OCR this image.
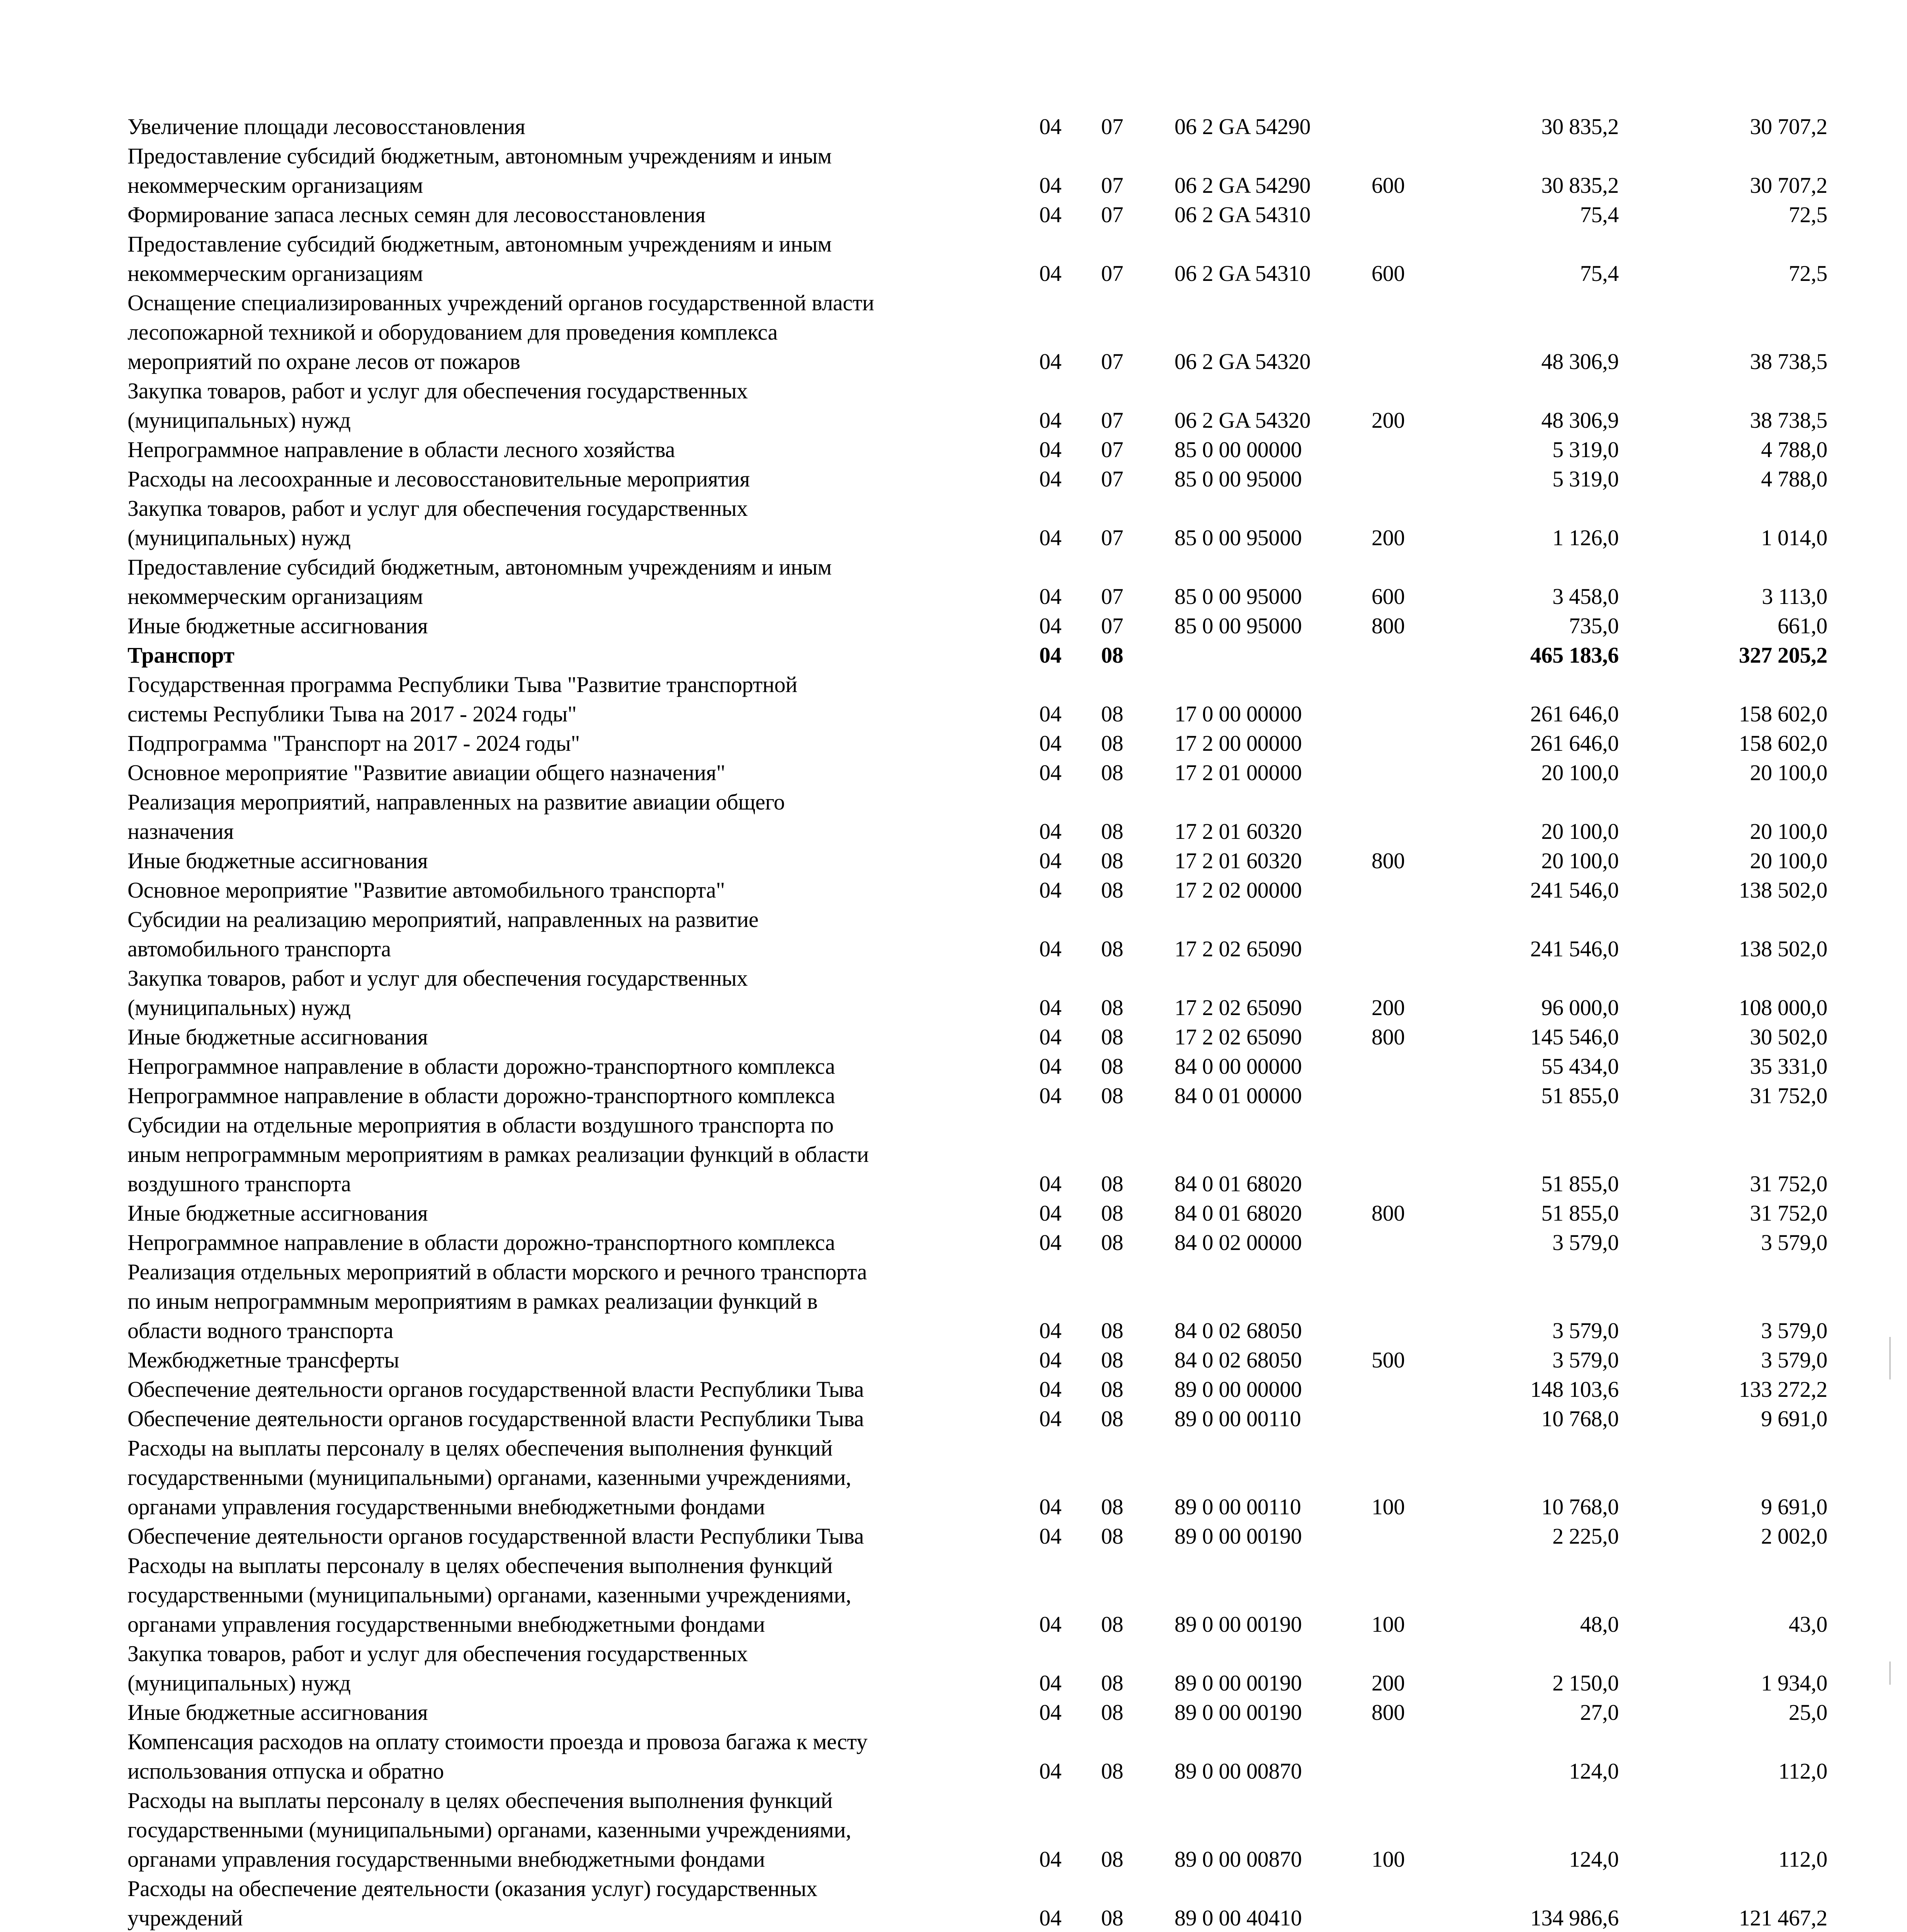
Увеличение площади лесовосстановления	04	07	06 2 GA 54290	30 835,2	30 707,2
Предоставление субсидий бюджетным, автономным учреждениям и иным
некоммерческим организациям	04	07	06 2 GA 54290	600	30 835,2	30 707,2
Формирование запаса лесных семян для лесовосстановления	04	07	06 2 GA 54310	75,4	72,5
Предоставление субсидий бюджетным, автономным учреждениям и иным
некоммерческим организациям	04	07	06 2 GA 54310	600	75,4	72,5
Оснащение специализированных учреждений органов государственной власти
лесопожарной техникой и оборудованием для проведения комплекса
мероприятий по охране лесов от пожаров	04	07	06 2 GA 54320	48 306,9	38 738,5
Закупка товаров, работ и услуг для обеспечения государственных
(муниципальных) нужд	04	07	06 2 GA 54320	200	48 306,9	38 738,5
Непрограммное направление в области лесного хозяйства	04	07	85 0 00 00000	5 319,0	4 788,0
Расходы на лесоохранные и лесовосстановительные мероприятия	04	07	85 0 00 95000	5 319,0	4 788,0
Закупка товаров, работ и услуг для обеспечения государственных
(муниципальных) нужд	04	07	85 0 00 95000	200	1 126,0	1 014,0
Предоставление субсидий бюджетным, автономным учреждениям и иным
некоммерческим организациям	04	07	85 0 00 95000	600	3 458,0	3 113,0
Иные бюджетные ассигнования	04	07	85 0 00 95000	800	735,0	661,0
Транспорт	04	08	465 183,6	327 205,2
Государственная программа Республики Тыва "Развитие транспортной
системы Республики Тыва на 2017 - 2024 годы"	04	08	17 0 00 00000	261 646,0	158 602,0
Подпрограмма "Транспорт на 2017 - 2024 годы"	04	08	17 2 00 00000	261 646,0	158 602,0
Основное мероприятие "Развитие авиации общего назначения"	04	08	17 2 01 00000	20 100,0	20 100,0
Реализация мероприятий, направленных на развитие авиации общего
назначения	04	08	17 2 01 60320	20 100,0	20 100,0
Иные бюджетные ассигнования	04	08	17 2 01 60320	800	20 100,0	20 100,0
Основное мероприятие "Развитие автомобильного транспорта"	04	08	17 2 02 00000	241 546,0	138 502,0
Субсидии на реализацию мероприятий, направленных на развитие
автомобильного транспорта	04	08	17 2 02 65090	241 546,0	138 502,0
Закупка товаров, работ и услуг для обеспечения государственных
(муниципальных) нужд	04	08	17 2 02 65090	200	96 000,0	108 000,0
Иные бюджетные ассигнования	04	08	17 2 02 65090	800	145 546,0	30 502,0
Непрограммное направление в области дорожно-транспортного комплекса	04	08	84 0 00 00000	55 434,0	35 331,0
Непрограммное направление в области дорожно-транспортного комплекса	04	08	84 0 01 00000	51 855,0	31 752,0
Субсидии на отдельные мероприятия в области воздушного транспорта по
иным непрограммным мероприятиям в рамках реализации функций в области
воздушного транспорта	04	08	84 0 01 68020	51 855,0	31 752,0
Иные бюджетные ассигнования	04	08	84 0 01 68020	800	51 855,0	31 752,0
Непрограммное направление в области дорожно-транспортного комплекса	04	08	84 0 02 00000	3 579,0	3 579,0
Реализация отдельных мероприятий в области морского и речного транспорта
по иным непрограммным мероприятиям в рамках реализации функций в
области водного транспорта	04	08	84 0 02 68050	3 579,0	3 579,0
Межбюджетные трансферты	04	08	84 0 02 68050	500	3 579,0	3 579,0
Обеспечение деятельности органов государственной власти Республики Тыва	04	08	89 0 00 00000	148 103,6	133 272,2
Обеспечение деятельности органов государственной власти Республики Тыва	04	08	89 0 00 00110	10 768,0	9 691,0
Расходы на выплаты персоналу в целях обеспечения выполнения функций
государственными (муниципальными) органами, казенными учреждениями,
органами управления государственными внебюджетными фондами	04	08	89 0 00 00110	100	10 768,0	9 691,0
Обеспечение деятельности органов государственной власти Республики Тыва	04	08	89 0 00 00190	2 225,0	2 002,0
Расходы на выплаты персоналу в целях обеспечения выполнения функций
государственными (муниципальными) органами, казенными учреждениями,
органами управления государственными внебюджетными фондами	04	08	89 0 00 00190	100	48,0	43,0
Закупка товаров, работ и услуг для обеспечения государственных
(муниципальных) нужд	04	08	89 0 00 00190	200	2 150,0	1 934,0
Иные бюджетные ассигнования	04	08	89 0 00 00190	800	27,0	25,0
Компенсация расходов на оплату стоимости проезда и провоза багажа к месту
использования отпуска и обратно	04	08	89 0 00 00870	124,0	112,0
Расходы на выплаты персоналу в целях обеспечения выполнения функций
государственными (муниципальными) органами, казенными учреждениями,
органами управления государственными внебюджетными фондами	04	08	89 0 00 00870	100	124,0	112,0
Расходы на обеспечение деятельности (оказания услуг) государственных
учреждений	04	08	89 0 00 40410	134 986,6	121 467,2
